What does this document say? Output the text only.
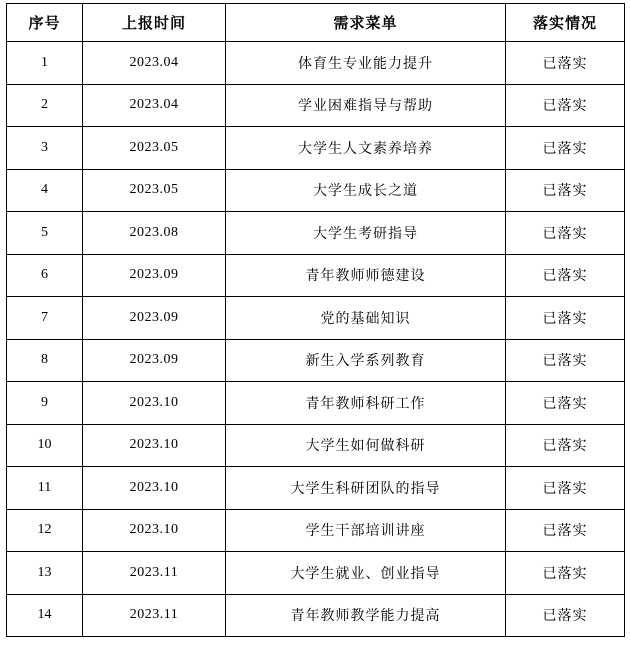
序号	上报时间	需求菜单	落实情况
1	2023.04	体育生专业能力提升	已落实
2	2023.04	学业困难指导与帮助	已落实
3	2023.05	大学生人文素养培养	已落实
4	2023.05	大学生成长之道	已落实
5	2023.08	大学生考研指导	已落实
6	2023.09	青年教师师德建设	已落实
7	2023.09	党的基础知识	已落实
8	2023.09	新生入学系列教育	已落实
9	2023.10	青年教师科研工作	已落实
10	2023.10	大学生如何做科研	已落实
11	2023.10	大学生科研团队的指导	已落实
12	2023.10	学生干部培训讲座	已落实
13	2023.11	大学生就业、创业指导	已落实
14	2023.11	青年教师教学能力提高	已落实
